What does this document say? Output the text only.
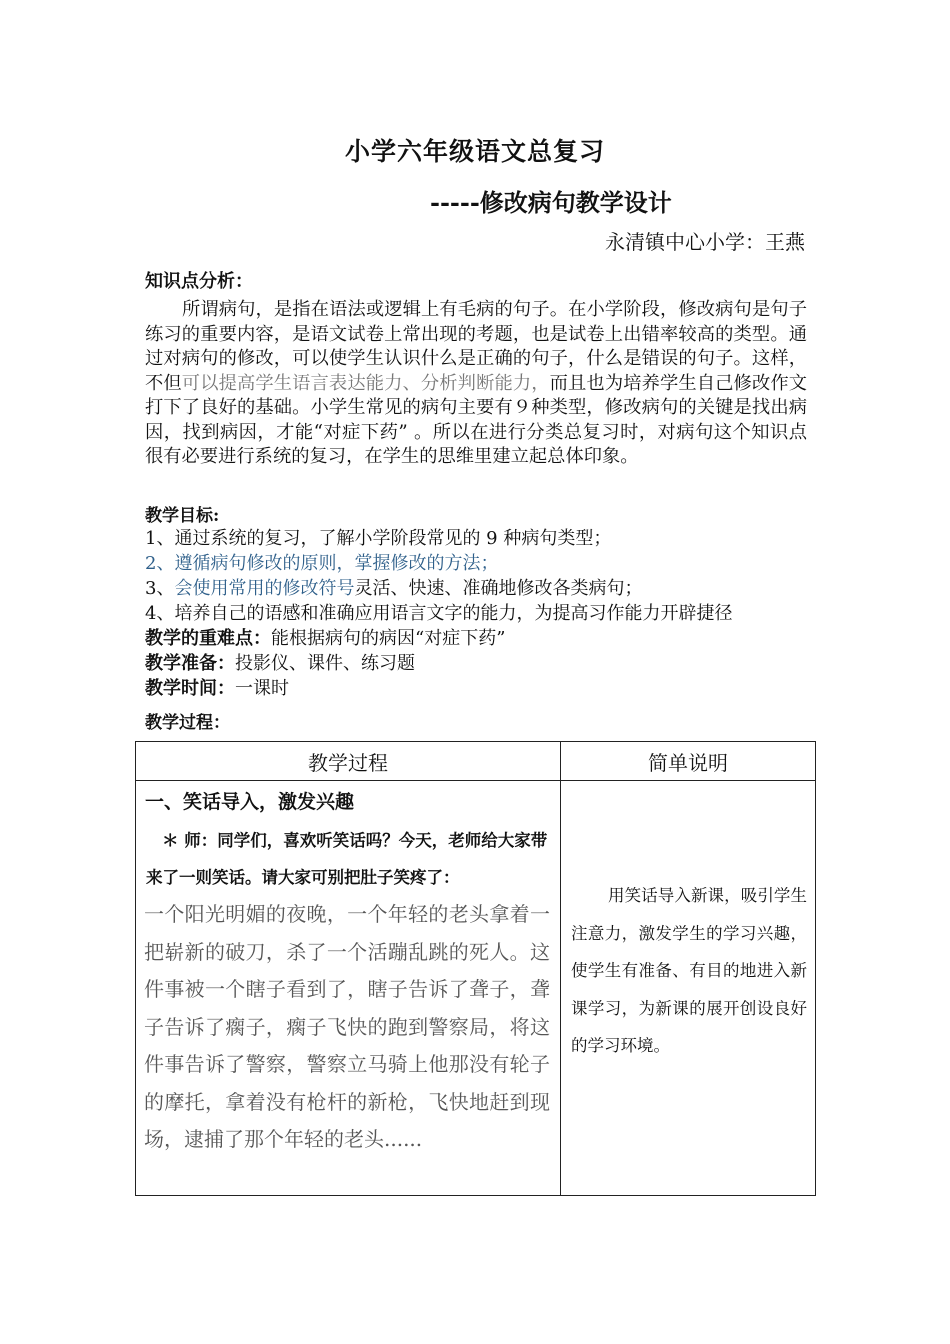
小学六年级语文总复习
-----修改病句教学设计
永清镇中心小学：王燕
知识点分析：
所谓病句，是指在语法或逻辑上有毛病的句子。在小学阶段，修改病句是句子练习的重要内容，是语文试卷上常出现的考题，也是试卷上出错率较高的类型。通过对病句的修改，可以使学生认识什么是正确的句子，什么是错误的句子。这样，不但可以提高学生语言表达能力、分析判断能力，而且也为培养学生自己修改作文打下了良好的基础。小学生常见的病句主要有９种类型，修改病句的关键是找出病因，找到病因，才能“对症下药” 。所以在进行分类总复习时，对病句这个知识点很有必要进行系统的复习，在学生的思维里建立起总体印象。
教学目标:
1、通过系统的复习，了解小学阶段常见的 9 种病句类型；
2、遵循病句修改的原则，掌握修改的方法；
3、会使用常用的修改符号灵活、快速、准确地修改各类病句；
4、培养自己的语感和准确应用语言文字的能力，为提高习作能力开辟捷径
教学的重难点：能根据病句的病因“对症下药”
教学准备：投影仪、课件、练习题
教学时间：一课时
教学过程：
教学过程	简单说明

一、笑话导入，激发兴趣
＊ 师：同学们，喜欢听笑话吗？今天，老师给大家带来了一则笑话。请大家可别把肚子笑疼了：
一个阳光明媚的夜晚，一个年轻的老头拿着一把崭新的破刀，杀了一个活蹦乱跳的死人。这件事被一个瞎子看到了，瞎子告诉了聋子，聋子告诉了瘸子，瘸子飞快的跑到警察局，将这件事告诉了警察，警察立马骑上他那没有轮子的摩托，拿着没有枪杆的新枪，飞快地赶到现场，逮捕了那个年轻的老头......	用笑话导入新课，吸引学生注意力，激发学生的学习兴趣，使学生有准备、有目的地进入新课学习，为新课的展开创设良好的学习环境。
